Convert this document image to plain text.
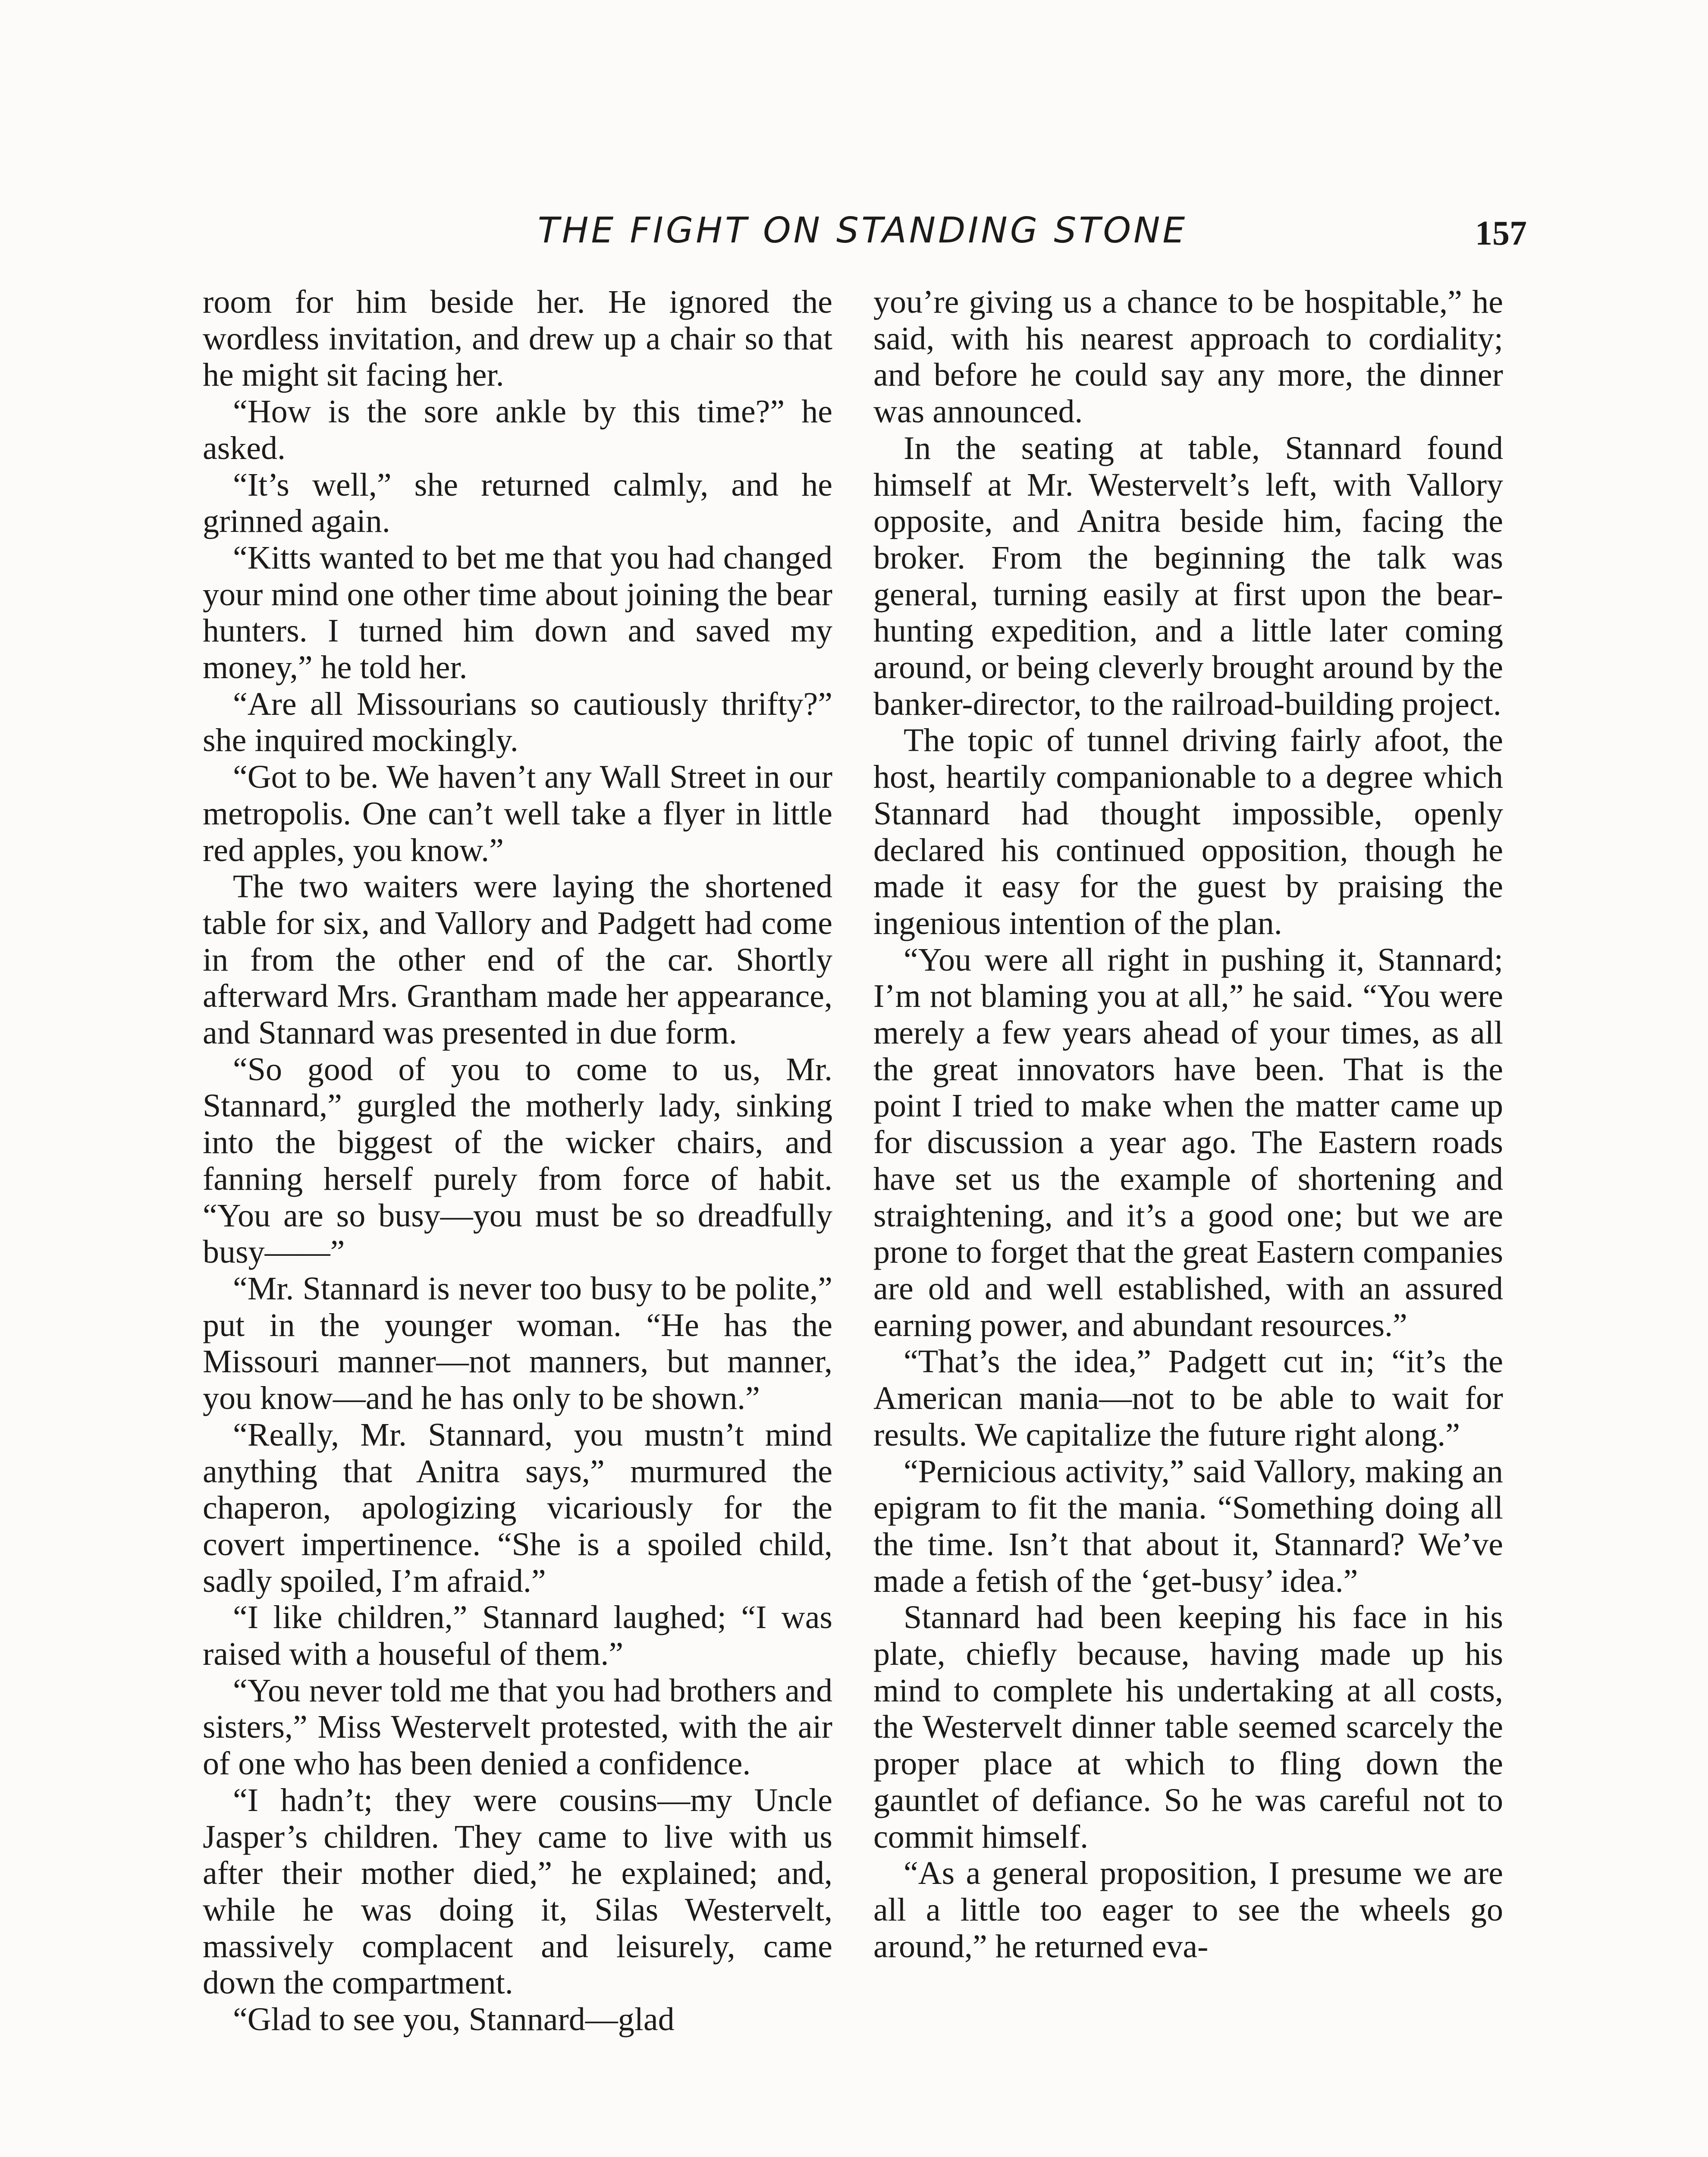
THE FIGHT ON STANDING STONE	157

room for him beside her. He ignored the wordless invitation, and drew up a chair so that he might sit facing her.

“How is the sore ankle by this time?” he asked.

“It’s well,” she returned calmly, and he grinned again.

“Kitts wanted to bet me that you had changed your mind one other time about joining the bear hunters. I turned him down and saved my money,” he told her.

“Are all Missourians so cautiously thrifty?” she inquired mockingly.

“Got to be. We haven’t any Wall Street in our metropolis. One can’t well take a flyer in little red apples, you know.”

The two waiters were laying the shortened table for six, and Vallory and Padgett had come in from the other end of the car. Shortly afterward Mrs. Grantham made her appearance, and Stannard was presented in due form.

“So good of you to come to us, Mr. Stannard,” gurgled the motherly lady, sinking into the biggest of the wicker chairs, and fanning herself purely from force of habit. “You are so busy—you must be so dreadfully busy——”

“Mr. Stannard is never too busy to be polite,” put in the younger woman. “He has the Missouri manner—not manners, but manner, you know—and he has only to be shown.”

“Really, Mr. Stannard, you mustn’t mind anything that Anitra says,” murmured the chaperon, apologizing vicariously for the covert impertinence. “She is a spoiled child, sadly spoiled, I’m afraid.”

“I like children,” Stannard laughed; “I was raised with a houseful of them.”

“You never told me that you had brothers and sisters,” Miss Westervelt protested, with the air of one who has been denied a confidence.

“I hadn’t; they were cousins—my Uncle Jasper’s children. They came to live with us after their mother died,” he explained; and, while he was doing it, Silas Westervelt, massively complacent and leisurely, came down the compartment.

“Glad to see you, Stannard—glad

you’re giving us a chance to be hospitable,” he said, with his nearest approach to cordiality; and before he could say any more, the dinner was announced.

In the seating at table, Stannard found himself at Mr. Westervelt’s left, with Vallory opposite, and Anitra beside him, facing the broker. From the beginning the talk was general, turning easily at first upon the bear-hunting expedition, and a little later coming around, or being cleverly brought around by the banker-director, to the railroad-building project.

The topic of tunnel driving fairly afoot, the host, heartily companionable to a degree which Stannard had thought impossible, openly declared his continued opposition, though he made it easy for the guest by praising the ingenious intention of the plan.

“You were all right in pushing it, Stannard; I’m not blaming you at all,” he said. “You were merely a few years ahead of your times, as all the great innovators have been. That is the point I tried to make when the matter came up for discussion a year ago. The Eastern roads have set us the example of shortening and straightening, and it’s a good one; but we are prone to forget that the great Eastern companies are old and well established, with an assured earning power, and abundant resources.”

“That’s the idea,” Padgett cut in; “it’s the American mania—not to be able to wait for results. We capitalize the future right along.”

“Pernicious activity,” said Vallory, making an epigram to fit the mania. “Something doing all the time. Isn’t that about it, Stannard? We’ve made a fetish of the ‘get-busy’ idea.”

Stannard had been keeping his face in his plate, chiefly because, having made up his mind to complete his undertaking at all costs, the Westervelt dinner table seemed scarcely the proper place at which to fling down the gauntlet of defiance. So he was careful not to commit himself.

“As a general proposition, I presume we are all a little too eager to see the wheels go around,” he returned eva-
